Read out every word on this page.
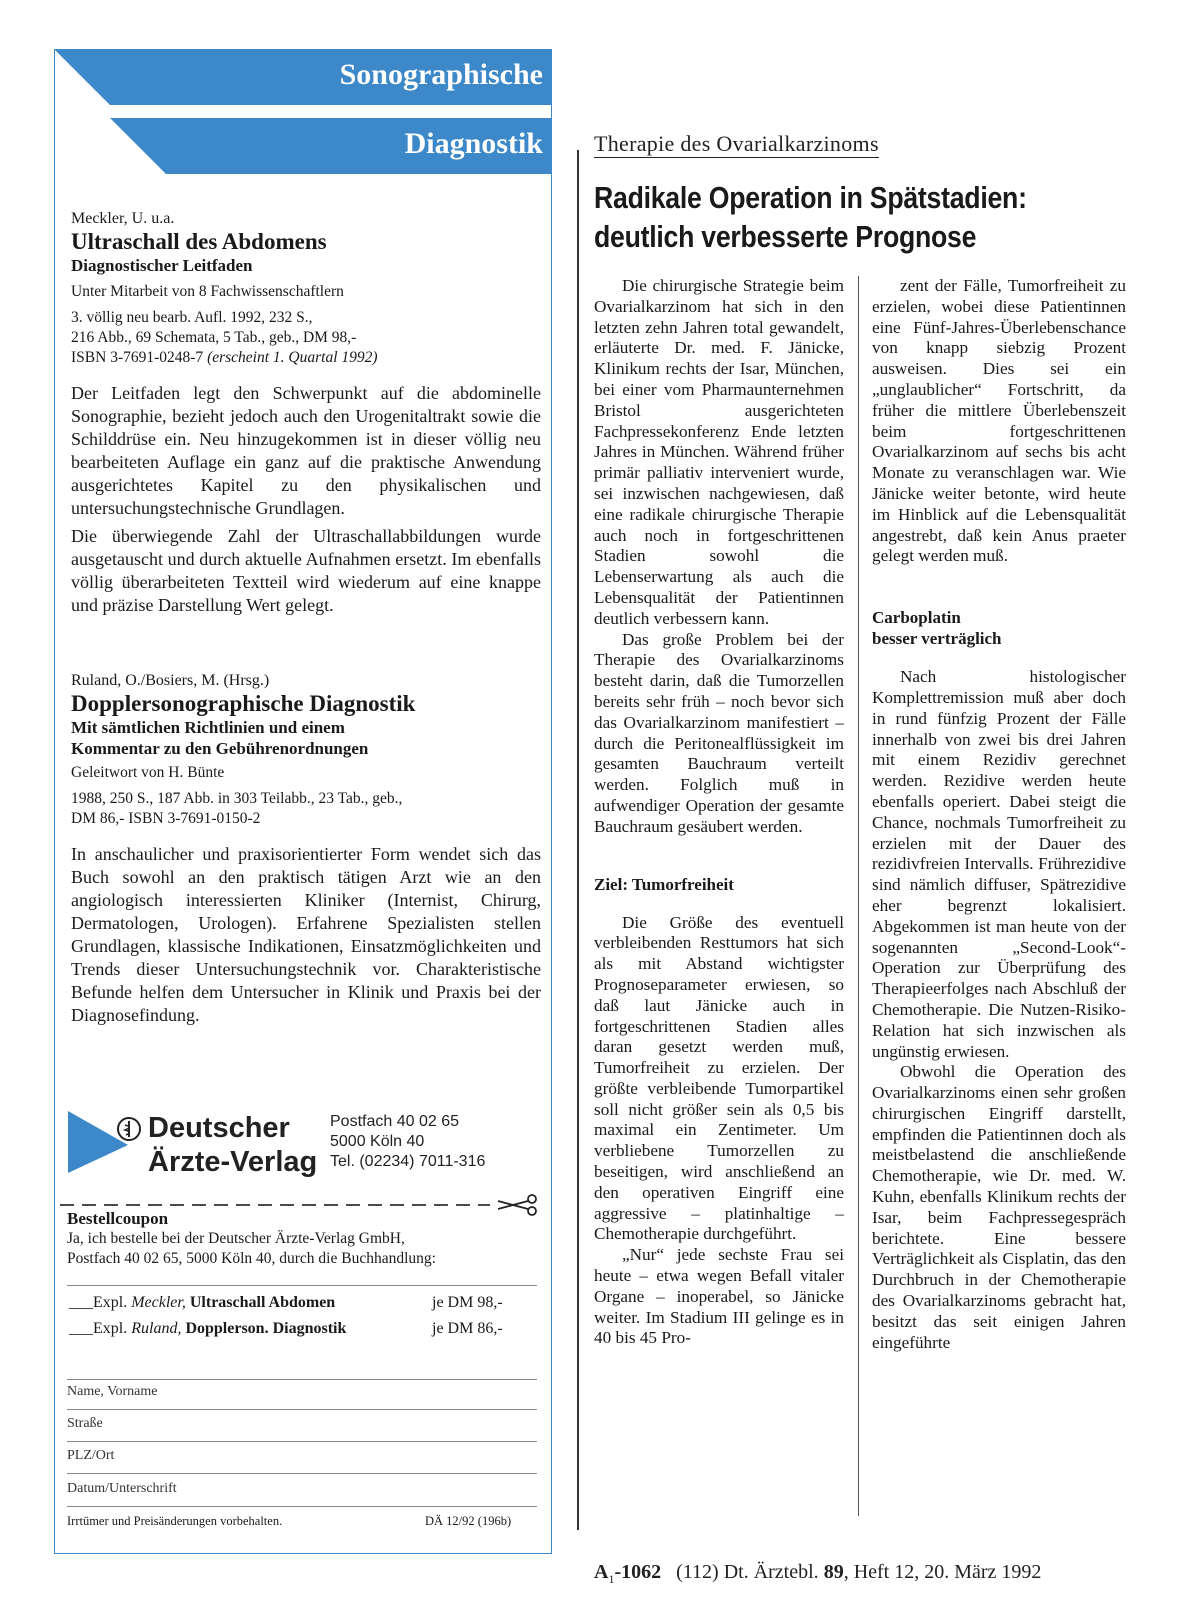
Sonographische
Diagnostik
Meckler, U. u.a.
Ultraschall des Abdomens
Diagnostischer Leitfaden
Unter Mitarbeit von 8 Fachwissenschaftlern
3. völlig neu bearb. Aufl. 1992, 232 S.,
216 Abb., 69 Schemata, 5 Tab., geb., DM 98,-
ISBN 3-7691-0248-7 (erscheint 1. Quartal 1992)

Der Leitfaden legt den Schwerpunkt auf die abdominelle Sonographie, bezieht jedoch auch den Urogenitaltrakt sowie die Schilddrüse ein. Neu hinzugekommen ist in dieser völlig neu bearbeiteten Auflage ein ganz auf die praktische Anwendung ausgerichtetes Kapitel zu den physikalischen und untersuchungstechnische Grundlagen.

Die überwiegende Zahl der Ultraschallabbildungen wurde ausgetauscht und durch aktuelle Aufnahmen ersetzt. Im ebenfalls völlig überarbeiteten Textteil wird wiederum auf eine knappe und präzise Darstellung Wert gelegt.

Ruland, O./Bosiers, M. (Hrsg.)
Dopplersonographische Diagnostik
Mit sämtlichen Richtlinien und einem
Kommentar zu den Gebührenordnungen
Geleitwort von H. Bünte
1988, 250 S., 187 Abb. in 303 Teilabb., 23 Tab., geb.,
DM 86,- ISBN 3-7691-0150-2

In anschaulicher und praxisorientierter Form wendet sich das Buch sowohl an den praktisch tätigen Arzt wie an den angiologisch interessierten Kliniker (Internist, Chirurg, Dermatologen, Urologen). Erfahrene Spezialisten stellen Grundlagen, klassische Indikationen, Einsatzmöglichkeiten und Trends dieser Untersuchungstechnik vor. Charakteristische Befunde helfen dem Untersucher in Klinik und Praxis bei der Diagnosefindung.

Deutscher
Ärzte-Verlag
Postfach 40 02 65
5000 Köln 40
Tel. (02234) 7011-316
Bestellcoupon
Ja, ich bestelle bei der Deutscher Ärzte-Verlag GmbH,
Postfach 40 02 65, 5000 Köln 40, durch die Buchhandlung:
___Expl. Meckler, Ultraschall Abdomen	je DM 98,-
___Expl. Ruland, Dopplerson. Diagnostik	je DM 86,-
Name, Vorname
Straße
PLZ/Ort
Datum/Unterschrift
Irrtümer und Preisänderungen vorbehalten.	DÄ 12/92 (196b)
Therapie des Ovarialkarzinoms
Radikale Operation in Spätstadien:
deutlich verbesserte Prognose

Die chirurgische Strategie beim Ovarialkarzinom hat sich in den letzten zehn Jahren total gewandelt, erläuterte Dr. med. F. Jänicke, Klinikum rechts der Isar, München, bei einer vom Pharmaunternehmen Bristol ausgerichteten Fachpressekonferenz Ende letzten Jahres in München. Während früher primär palliativ interveniert wurde, sei inzwischen nachgewiesen, daß eine radikale chirurgische Therapie auch noch in fortgeschrittenen Stadien sowohl die Lebenserwartung als auch die Lebensqualität der Patientinnen deutlich verbessern kann.

Das große Problem bei der Therapie des Ovarialkarzinoms besteht darin, daß die Tumorzellen bereits sehr früh – noch bevor sich das Ovarialkarzinom manifestiert – durch die Peritonealflüssigkeit im gesamten Bauchraum verteilt werden. Folglich muß in aufwendiger Operation der gesamte Bauchraum gesäubert werden.

Ziel: Tumorfreiheit

Die Größe des eventuell verbleibenden Resttumors hat sich als mit Abstand wichtigster Prognoseparameter erwiesen, so daß laut Jänicke auch in fortgeschrittenen Stadien alles daran gesetzt werden muß, Tumorfreiheit zu erzielen. Der größte verbleibende Tumorpartikel soll nicht größer sein als 0,5 bis maximal ein Zentimeter. Um verbliebene Tumorzellen zu beseitigen, wird anschließend an den operativen Eingriff eine aggressive – platinhaltige – Chemotherapie durchgeführt.

„Nur“ jede sechste Frau sei heute – etwa wegen Befall vitaler Organe – inoperabel, so Jänicke weiter. Im Stadium III gelinge es in 40 bis 45 Pro-

zent der Fälle, Tumorfreiheit zu erzielen, wobei diese Patientinnen eine Fünf-Jahres-Überlebenschance von knapp siebzig Prozent ausweisen. Dies sei ein „unglaublicher“ Fortschritt, da früher die mittlere Überlebenszeit beim fortgeschrittenen Ovarialkarzinom auf sechs bis acht Monate zu veranschlagen war. Wie Jänicke weiter betonte, wird heute im Hinblick auf die Lebensqualität angestrebt, daß kein Anus praeter gelegt werden muß.

Carboplatin
besser verträglich

Nach histologischer Komplettremission muß aber doch in rund fünfzig Prozent der Fälle innerhalb von zwei bis drei Jahren mit einem Rezidiv gerechnet werden. Rezidive werden heute ebenfalls operiert. Dabei steigt die Chance, nochmals Tumorfreiheit zu erzielen mit der Dauer des rezidivfreien Intervalls. Frührezidive sind nämlich diffuser, Spätrezidive eher begrenzt lokalisiert. Abgekommen ist man heute von der sogenannten „Second-Look“-Operation zur Überprüfung des Therapieerfolges nach Abschluß der Chemotherapie. Die Nutzen-Risiko-Relation hat sich inzwischen als ungünstig erwiesen.

Obwohl die Operation des Ovarialkarzinoms einen sehr großen chirurgischen Eingriff darstellt, empfinden die Patientinnen doch als meistbelastend die anschließende Chemotherapie, wie Dr. med. W. Kuhn, ebenfalls Klinikum rechts der Isar, beim Fachpressegespräch berichtete. Eine bessere Verträglichkeit als Cisplatin, das den Durchbruch in der Chemotherapie des Ovarialkarzinoms gebracht hat, besitzt das seit einigen Jahren eingeführte

$A_1-1062$   (112) Dt. Ärztebl. 89, Heft 12, 20. März 1992
